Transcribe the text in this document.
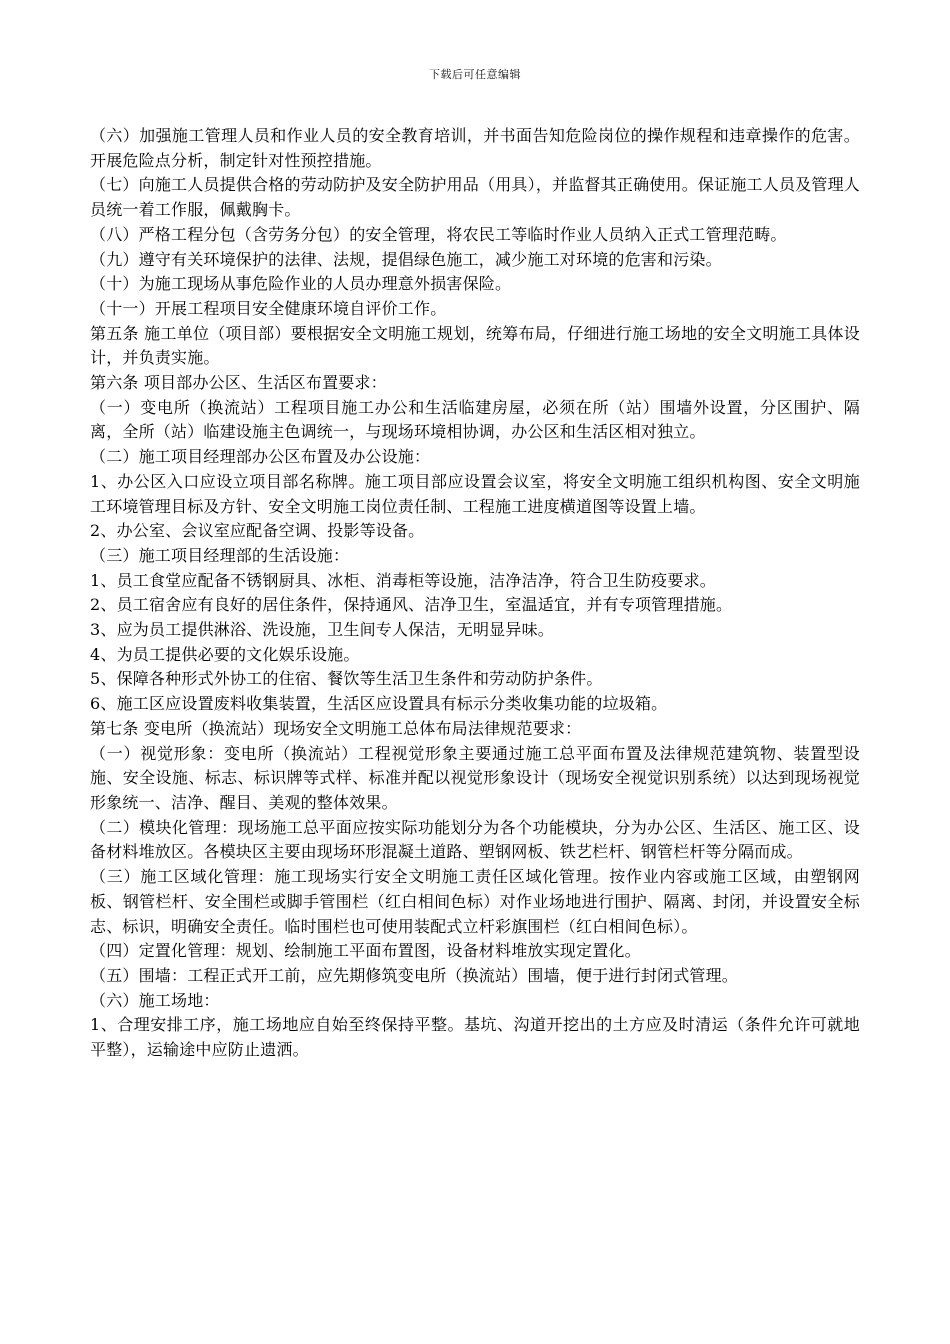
下载后可任意编辑

（六）加强施工管理人员和作业人员的安全教育培训，并书面告知危险岗位的操作规程和违章操作的危害。开展危险点分析，制定针对性预控措施。

（七）向施工人员提供合格的劳动防护及安全防护用品（用具），并监督其正确使用。保证施工人员及管理人员统一着工作服，佩戴胸卡。

（八）严格工程分包（含劳务分包）的安全管理，将农民工等临时作业人员纳入正式工管理范畴。

（九）遵守有关环境保护的法律、法规，提倡绿色施工，减少施工对环境的危害和污染。

（十）为施工现场从事危险作业的人员办理意外损害保险。

（十一）开展工程项目安全健康环境自评价工作。

第五条 施工单位（项目部）要根据安全文明施工规划，统筹布局，仔细进行施工场地的安全文明施工具体设计，并负责实施。

第六条 项目部办公区、生活区布置要求：

（一）变电所（换流站）工程项目施工办公和生活临建房屋，必须在所（站）围墙外设置，分区围护、隔离，全所（站）临建设施主色调统一，与现场环境相协调，办公区和生活区相对独立。

（二）施工项目经理部办公区布置及办公设施：

1、办公区入口应设立项目部名称牌。施工项目部应设置会议室，将安全文明施工组织机构图、安全文明施工环境管理目标及方针、安全文明施工岗位责任制、工程施工进度横道图等设置上墙。

2、办公室、会议室应配备空调、投影等设备。

（三）施工项目经理部的生活设施：

1、员工食堂应配备不锈钢厨具、冰柜、消毒柜等设施，洁净洁净，符合卫生防疫要求。

2、员工宿舍应有良好的居住条件，保持通风、洁净卫生，室温适宜，并有专项管理措施。

3、应为员工提供淋浴、洗设施，卫生间专人保洁，无明显异味。

4、为员工提供必要的文化娱乐设施。

5、保障各种形式外协工的住宿、餐饮等生活卫生条件和劳动防护条件。

6、施工区应设置废料收集装置，生活区应设置具有标示分类收集功能的垃圾箱。

第七条 变电所（换流站）现场安全文明施工总体布局法律规范要求：

（一）视觉形象：变电所（换流站）工程视觉形象主要通过施工总平面布置及法律规范建筑物、装置型设施、安全设施、标志、标识牌等式样、标准并配以视觉形象设计（现场安全视觉识别系统）以达到现场视觉形象统一、洁净、醒目、美观的整体效果。

（二）模块化管理：现场施工总平面应按实际功能划分为各个功能模块，分为办公区、生活区、施工区、设备材料堆放区。各模块区主要由现场环形混凝土道路、塑钢网板、铁艺栏杆、钢管栏杆等分隔而成。

（三）施工区域化管理：施工现场实行安全文明施工责任区域化管理。按作业内容或施工区域，由塑钢网板、钢管栏杆、安全围栏或脚手管围栏（红白相间色标）对作业场地进行围护、隔离、封闭，并设置安全标志、标识，明确安全责任。临时围栏也可使用装配式立杆彩旗围栏（红白相间色标）。

（四）定置化管理：规划、绘制施工平面布置图，设备材料堆放实现定置化。

（五）围墙：工程正式开工前，应先期修筑变电所（换流站）围墙，便于进行封闭式管理。

（六）施工场地：

1、合理安排工序，施工场地应自始至终保持平整。基坑、沟道开挖出的土方应及时清运（条件允许可就地平整），运输途中应防止遗洒。
